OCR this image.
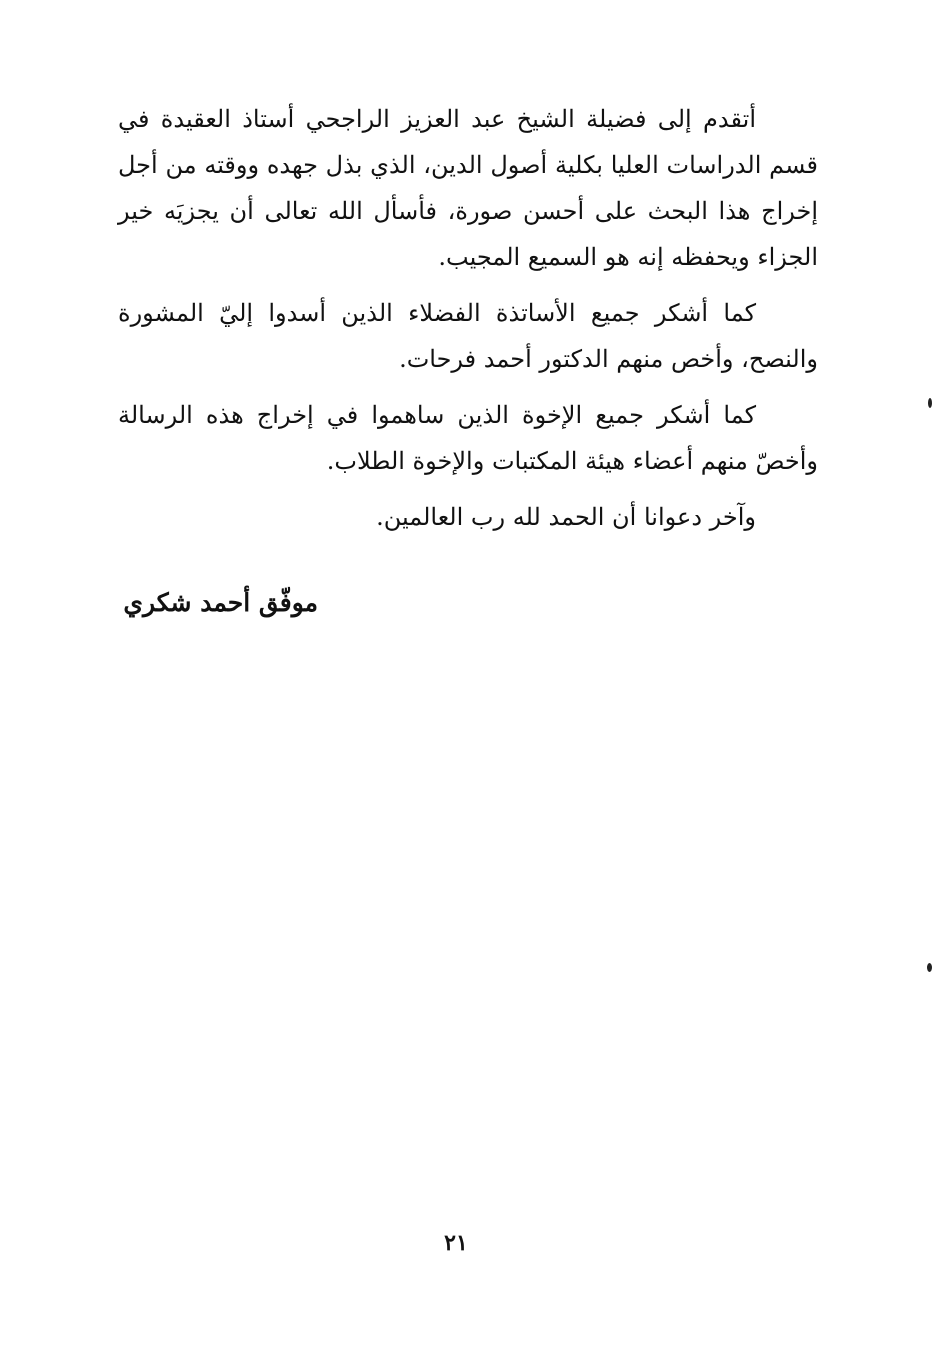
أتقدم إلى فضيلة الشيخ عبد العزيز الراجحي أستاذ العقيدة في قسم الدراسات العليا بكلية أصول الدين، الذي بذل جهده ووقته من أجل إخراج هذا البحث على أحسن صورة، فأسأل الله تعالى أن يجزيَه خير الجزاء ويحفظه إنه هو السميع المجيب.

كما أشكر جميع الأساتذة الفضلاء الذين أسدوا إليّ المشورة والنصح، وأخص منهم الدكتور أحمد فرحات.

كما أشكر جميع الإخوة الذين ساهموا في إخراج هذه الرسالة وأخصّ منهم أعضاء هيئة المكتبات والإخوة الطلاب.

وآخر دعوانا أن الحمد لله رب العالمين.

موفّق أحمد شكري
٢١
